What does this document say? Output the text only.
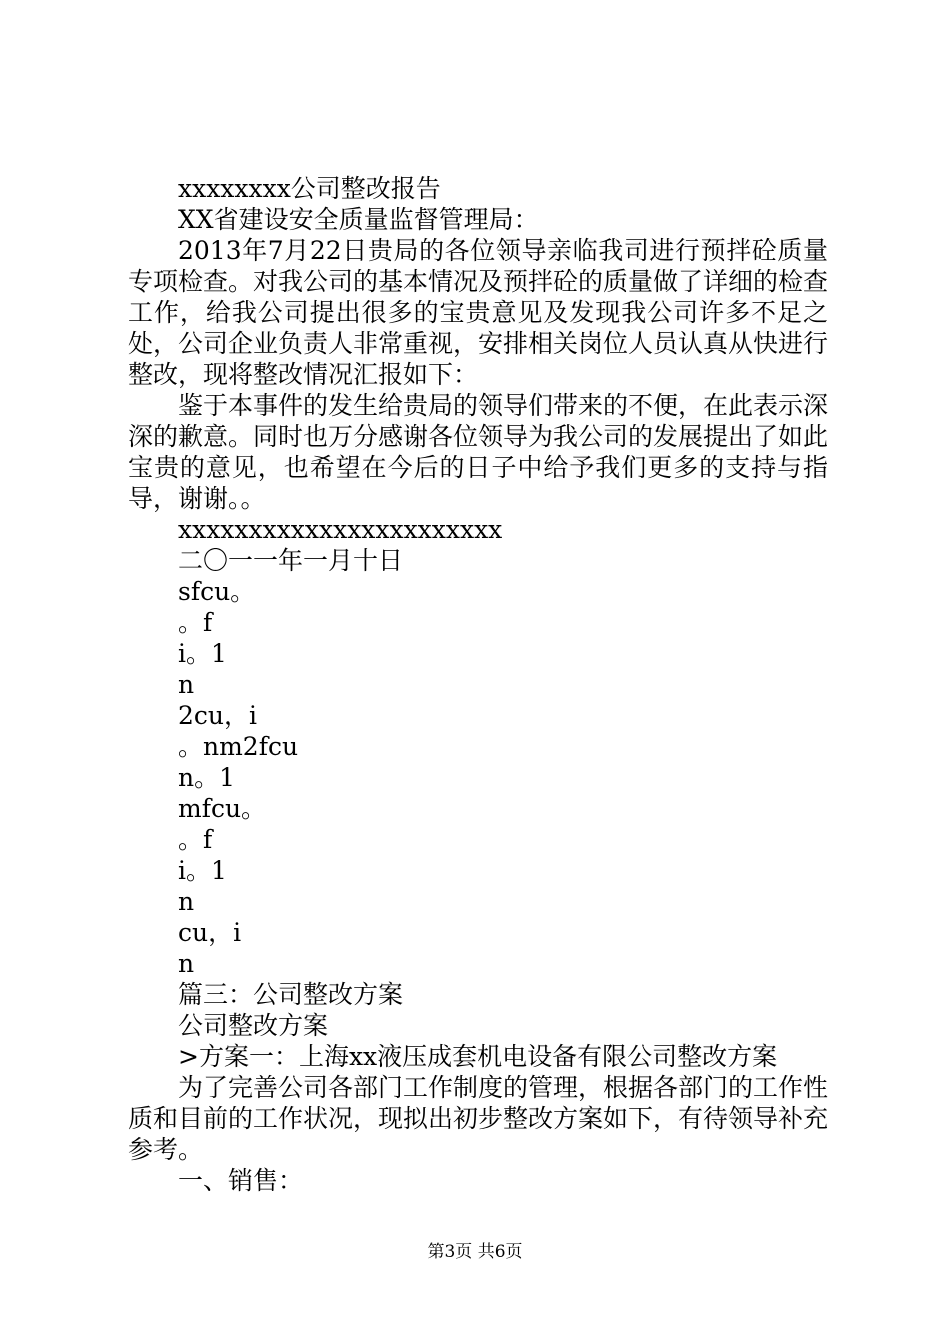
xxxxxxxx公司整改报告
XX省建设安全质量监督管理局：
2013年7月22日贵局的各位领导亲临我司进行预拌砼质量专项检查。对我公司的基本情况及预拌砼的质量做了详细的检查工作，给我公司提出很多的宝贵意见及发现我公司许多不足之处，公司企业负责人非常重视，安排相关岗位人员认真从快进行整改，现将整改情况汇报如下：
鉴于本事件的发生给贵局的领导们带来的不便，在此表示深深的歉意。同时也万分感谢各位领导为我公司的发展提出了如此宝贵的意见，也希望在今后的日子中给予我们更多的支持与指导，谢谢。。
xxxxxxxxxxxxxxxxxxxxxxx
二〇一一年一月十日
sfcu。
。f
i。1
n
2cu，i
。nm2fcu
n。1
mfcu。
。f
i。1
n
cu，i
n
篇三：公司整改方案
公司整改方案
>方案一：上海xx液压成套机电设备有限公司整改方案
为了完善公司各部门工作制度的管理，根据各部门的工作性质和目前的工作状况，现拟出初步整改方案如下，有待领导补充参考。
一、销售：
第3页 共6页
